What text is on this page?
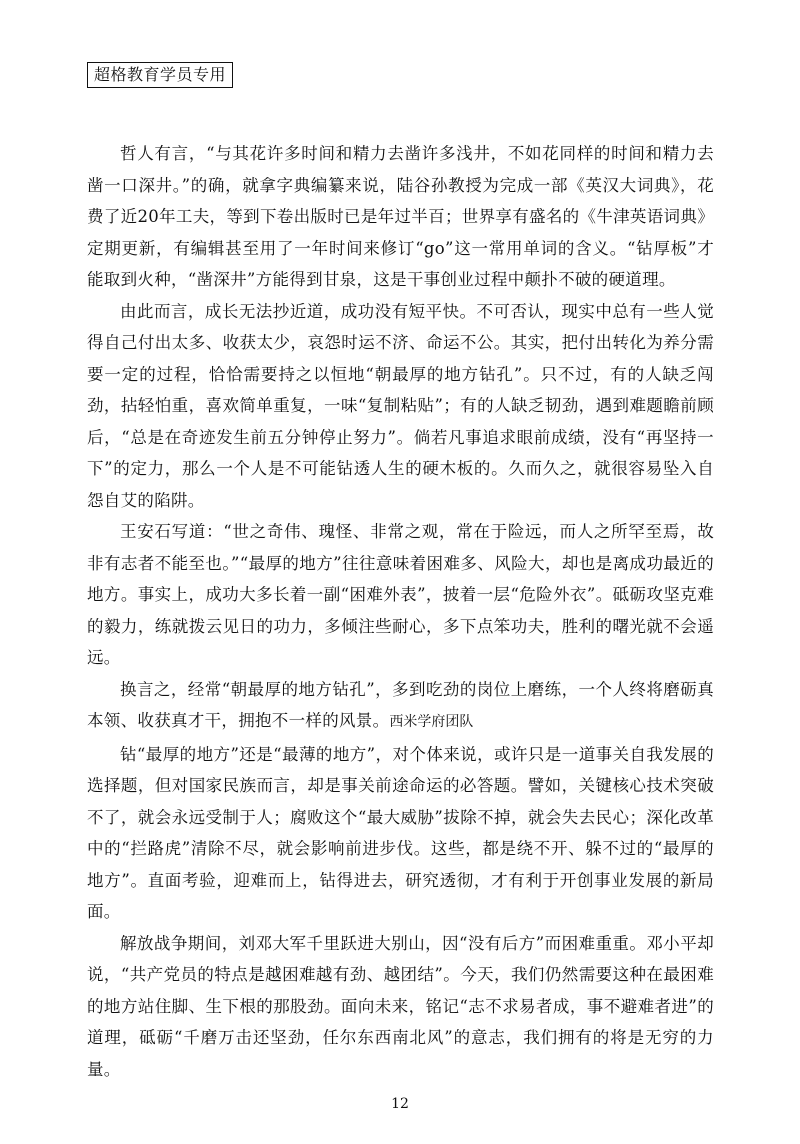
超格教育学员专用

哲人有言，“与其花许多时间和精力去凿许多浅井，不如花同样的时间和精力去凿一口深井。”的确，就拿字典编纂来说，陆谷孙教授为完成一部《英汉大词典》，花费了近20年工夫，等到下卷出版时已是年过半百；世界享有盛名的《牛津英语词典》定期更新，有编辑甚至用了一年时间来修订“go”这一常用单词的含义。“钻厚板”才能取到火种，“凿深井”方能得到甘泉，这是干事创业过程中颠扑不破的硬道理。

由此而言，成长无法抄近道，成功没有短平快。不可否认，现实中总有一些人觉得自己付出太多、收获太少，哀怨时运不济、命运不公。其实，把付出转化为养分需要一定的过程，恰恰需要持之以恒地“朝最厚的地方钻孔”。只不过，有的人缺乏闯劲，拈轻怕重，喜欢简单重复，一味“复制粘贴”；有的人缺乏韧劲，遇到难题瞻前顾后，“总是在奇迹发生前五分钟停止努力”。倘若凡事追求眼前成绩，没有“再坚持一下”的定力，那么一个人是不可能钻透人生的硬木板的。久而久之，就很容易坠入自怨自艾的陷阱。

王安石写道：“世之奇伟、瑰怪、非常之观，常在于险远，而人之所罕至焉，故非有志者不能至也。”“最厚的地方”往往意味着困难多、风险大，却也是离成功最近的地方。事实上，成功大多长着一副“困难外表”，披着一层“危险外衣”。砥砺攻坚克难的毅力，练就拨云见日的功力，多倾注些耐心，多下点笨功夫，胜利的曙光就不会遥远。

换言之，经常“朝最厚的地方钻孔”，多到吃劲的岗位上磨练，一个人终将磨砺真本领、收获真才干，拥抱不一样的风景。西米学府团队

钻“最厚的地方”还是“最薄的地方”，对个体来说，或许只是一道事关自我发展的选择题，但对国家民族而言，却是事关前途命运的必答题。譬如，关键核心技术突破不了，就会永远受制于人；腐败这个“最大威胁”拔除不掉，就会失去民心；深化改革中的“拦路虎”清除不尽，就会影响前进步伐。这些，都是绕不开、躲不过的“最厚的地方”。直面考验，迎难而上，钻得进去，研究透彻，才有利于开创事业发展的新局面。

解放战争期间，刘邓大军千里跃进大别山，因“没有后方”而困难重重。邓小平却说，“共产党员的特点是越困难越有劲、越团结”。今天，我们仍然需要这种在最困难的地方站住脚、生下根的那股劲。面向未来，铭记“志不求易者成，事不避难者进”的道理，砥砺“千磨万击还坚劲，任尔东西南北风”的意志，我们拥有的将是无穷的力量。

12
